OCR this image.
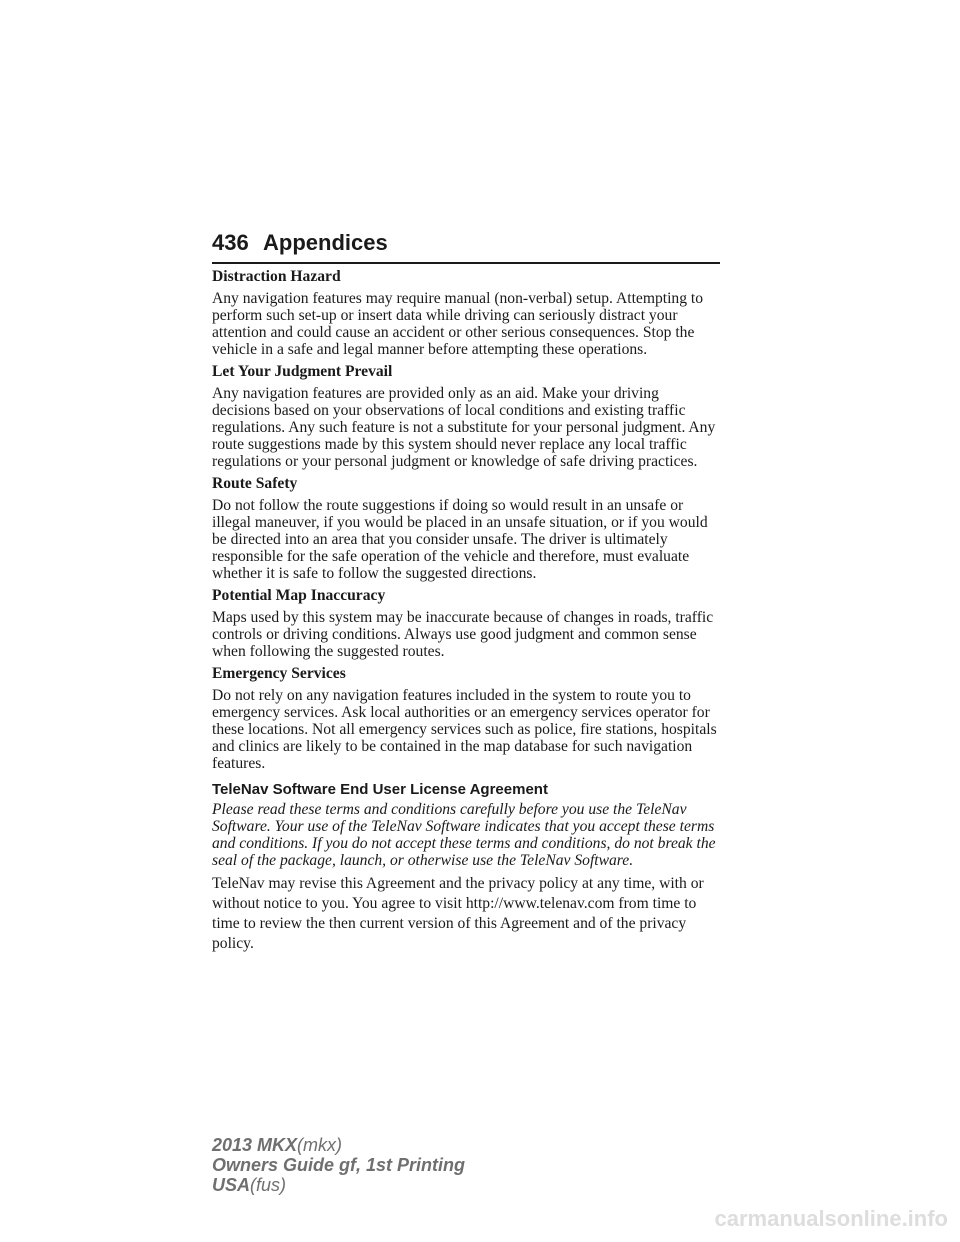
436 Appendices
Distraction Hazard
Any navigation features may require manual (non-verbal) setup. Attempting to perform such set-up or insert data while driving can seriously distract your attention and could cause an accident or other serious consequences. Stop the vehicle in a safe and legal manner before attempting these operations.
Let Your Judgment Prevail
Any navigation features are provided only as an aid. Make your driving decisions based on your observations of local conditions and existing traffic regulations. Any such feature is not a substitute for your personal judgment. Any route suggestions made by this system should never replace any local traffic regulations or your personal judgment or knowledge of safe driving practices.
Route Safety
Do not follow the route suggestions if doing so would result in an unsafe or illegal maneuver, if you would be placed in an unsafe situation, or if you would be directed into an area that you consider unsafe. The driver is ultimately responsible for the safe operation of the vehicle and therefore, must evaluate whether it is safe to follow the suggested directions.
Potential Map Inaccuracy
Maps used by this system may be inaccurate because of changes in roads, traffic controls or driving conditions. Always use good judgment and common sense when following the suggested routes.
Emergency Services
Do not rely on any navigation features included in the system to route you to emergency services. Ask local authorities or an emergency services operator for these locations. Not all emergency services such as police, fire stations, hospitals and clinics are likely to be contained in the map database for such navigation features.
TeleNav Software End User License Agreement
Please read these terms and conditions carefully before you use the TeleNav Software. Your use of the TeleNav Software indicates that you accept these terms and conditions. If you do not accept these terms and conditions, do not break the seal of the package, launch, or otherwise use the TeleNav Software.
TeleNav may revise this Agreement and the privacy policy at any time, with or without notice to you. You agree to visit http://www.telenav.com from time to time to review the then current version of this Agreement and of the privacy policy.
2013 MKX(mkx)
Owners Guide gf, 1st Printing
USA(fus)
carmanualsonline.info
